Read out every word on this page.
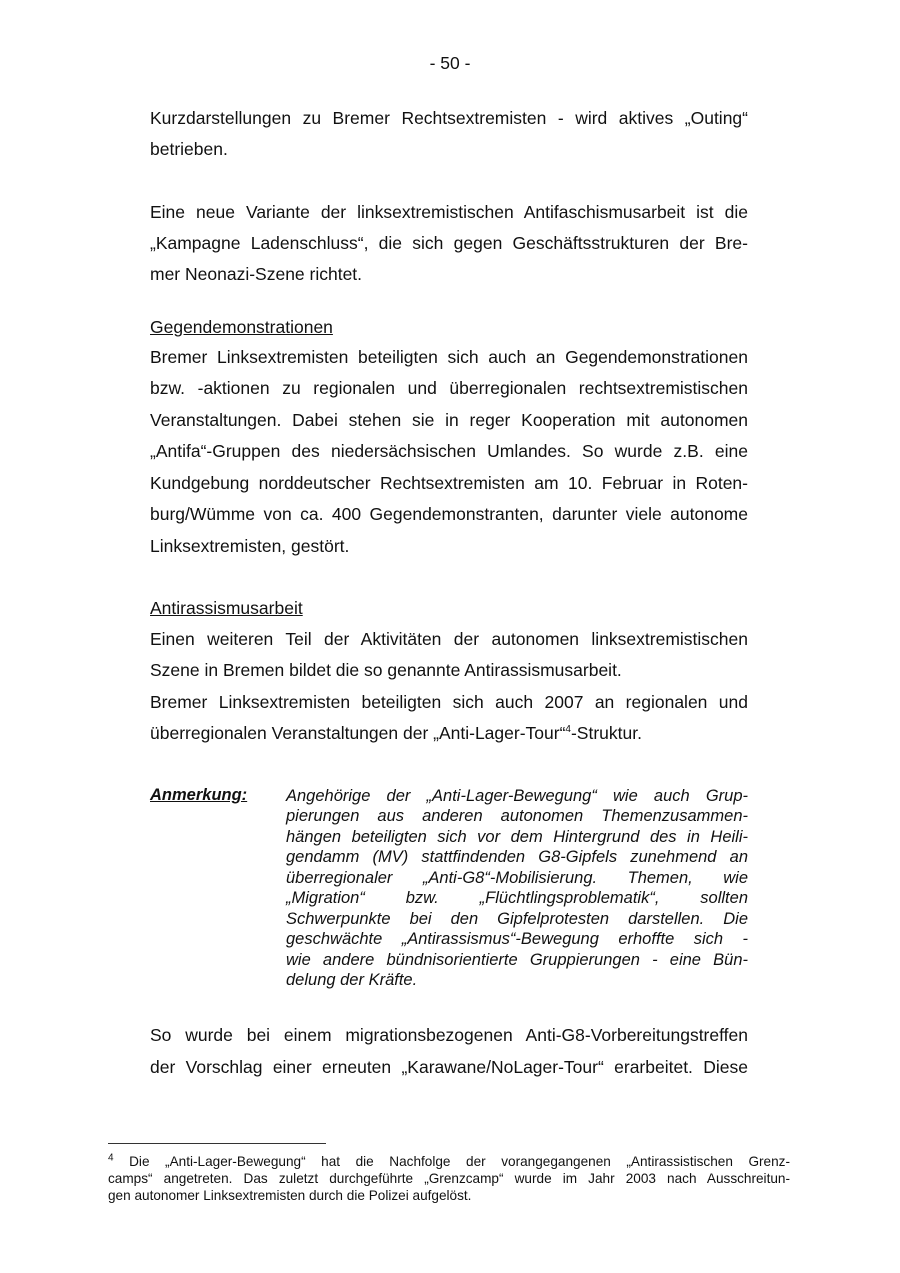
- 50 -
Kurzdarstellungen zu Bremer Rechtsextremisten - wird aktives „Outing“
betrieben.
Eine neue Variante der linksextremistischen Antifaschismusarbeit ist die
„Kampagne Ladenschluss“, die sich gegen Geschäftsstrukturen der Bre-
mer Neonazi-Szene richtet.
Gegendemonstrationen
Bremer Linksextremisten beteiligten sich auch an Gegendemonstrationen
bzw. -aktionen zu regionalen und überregionalen rechtsextremistischen
Veranstaltungen. Dabei stehen sie in reger Kooperation mit autonomen
„Antifa“-Gruppen des niedersächsischen Umlandes. So wurde z.B. eine
Kundgebung norddeutscher Rechtsextremisten am 10. Februar in Roten-
burg/Wümme von ca. 400 Gegendemonstranten, darunter viele autonome
Linksextremisten, gestört.
Antirassismusarbeit
Einen weiteren Teil der Aktivitäten der autonomen linksextremistischen
Szene in Bremen bildet die so genannte Antirassismusarbeit.
Bremer Linksextremisten beteiligten sich auch 2007 an regionalen und
überregionalen Veranstaltungen der „Anti-Lager-Tour“$^4$-Struktur.
Anmerkung: Angehörige der „Anti-Lager-Bewegung“ wie auch Grup-
pierungen aus anderen autonomen Themenzusammen-
hängen beteiligten sich vor dem Hintergrund des in Heili-
gendamm (MV) stattfindenden G8-Gipfels zunehmend an
überregionaler „Anti-G8“-Mobilisierung. Themen, wie
„Migration“ bzw. „Flüchtlingsproblematik“, sollten
Schwerpunkte bei den Gipfelprotesten darstellen. Die
geschwächte „Antirassismus“-Bewegung erhoffte sich -
wie andere bündnisorientierte Gruppierungen - eine Bün-
delung der Kräfte.
So wurde bei einem migrationsbezogenen Anti-G8-Vorbereitungstreffen
der Vorschlag einer erneuten „Karawane/NoLager-Tour“ erarbeitet. Diese
$^4$ Die „Anti-Lager-Bewegung“ hat die Nachfolge der vorangegangenen „Antirassistischen Grenz-
camps“ angetreten. Das zuletzt durchgeführte „Grenzcamp“ wurde im Jahr 2003 nach Ausschreitun-
gen autonomer Linksextremisten durch die Polizei aufgelöst.
